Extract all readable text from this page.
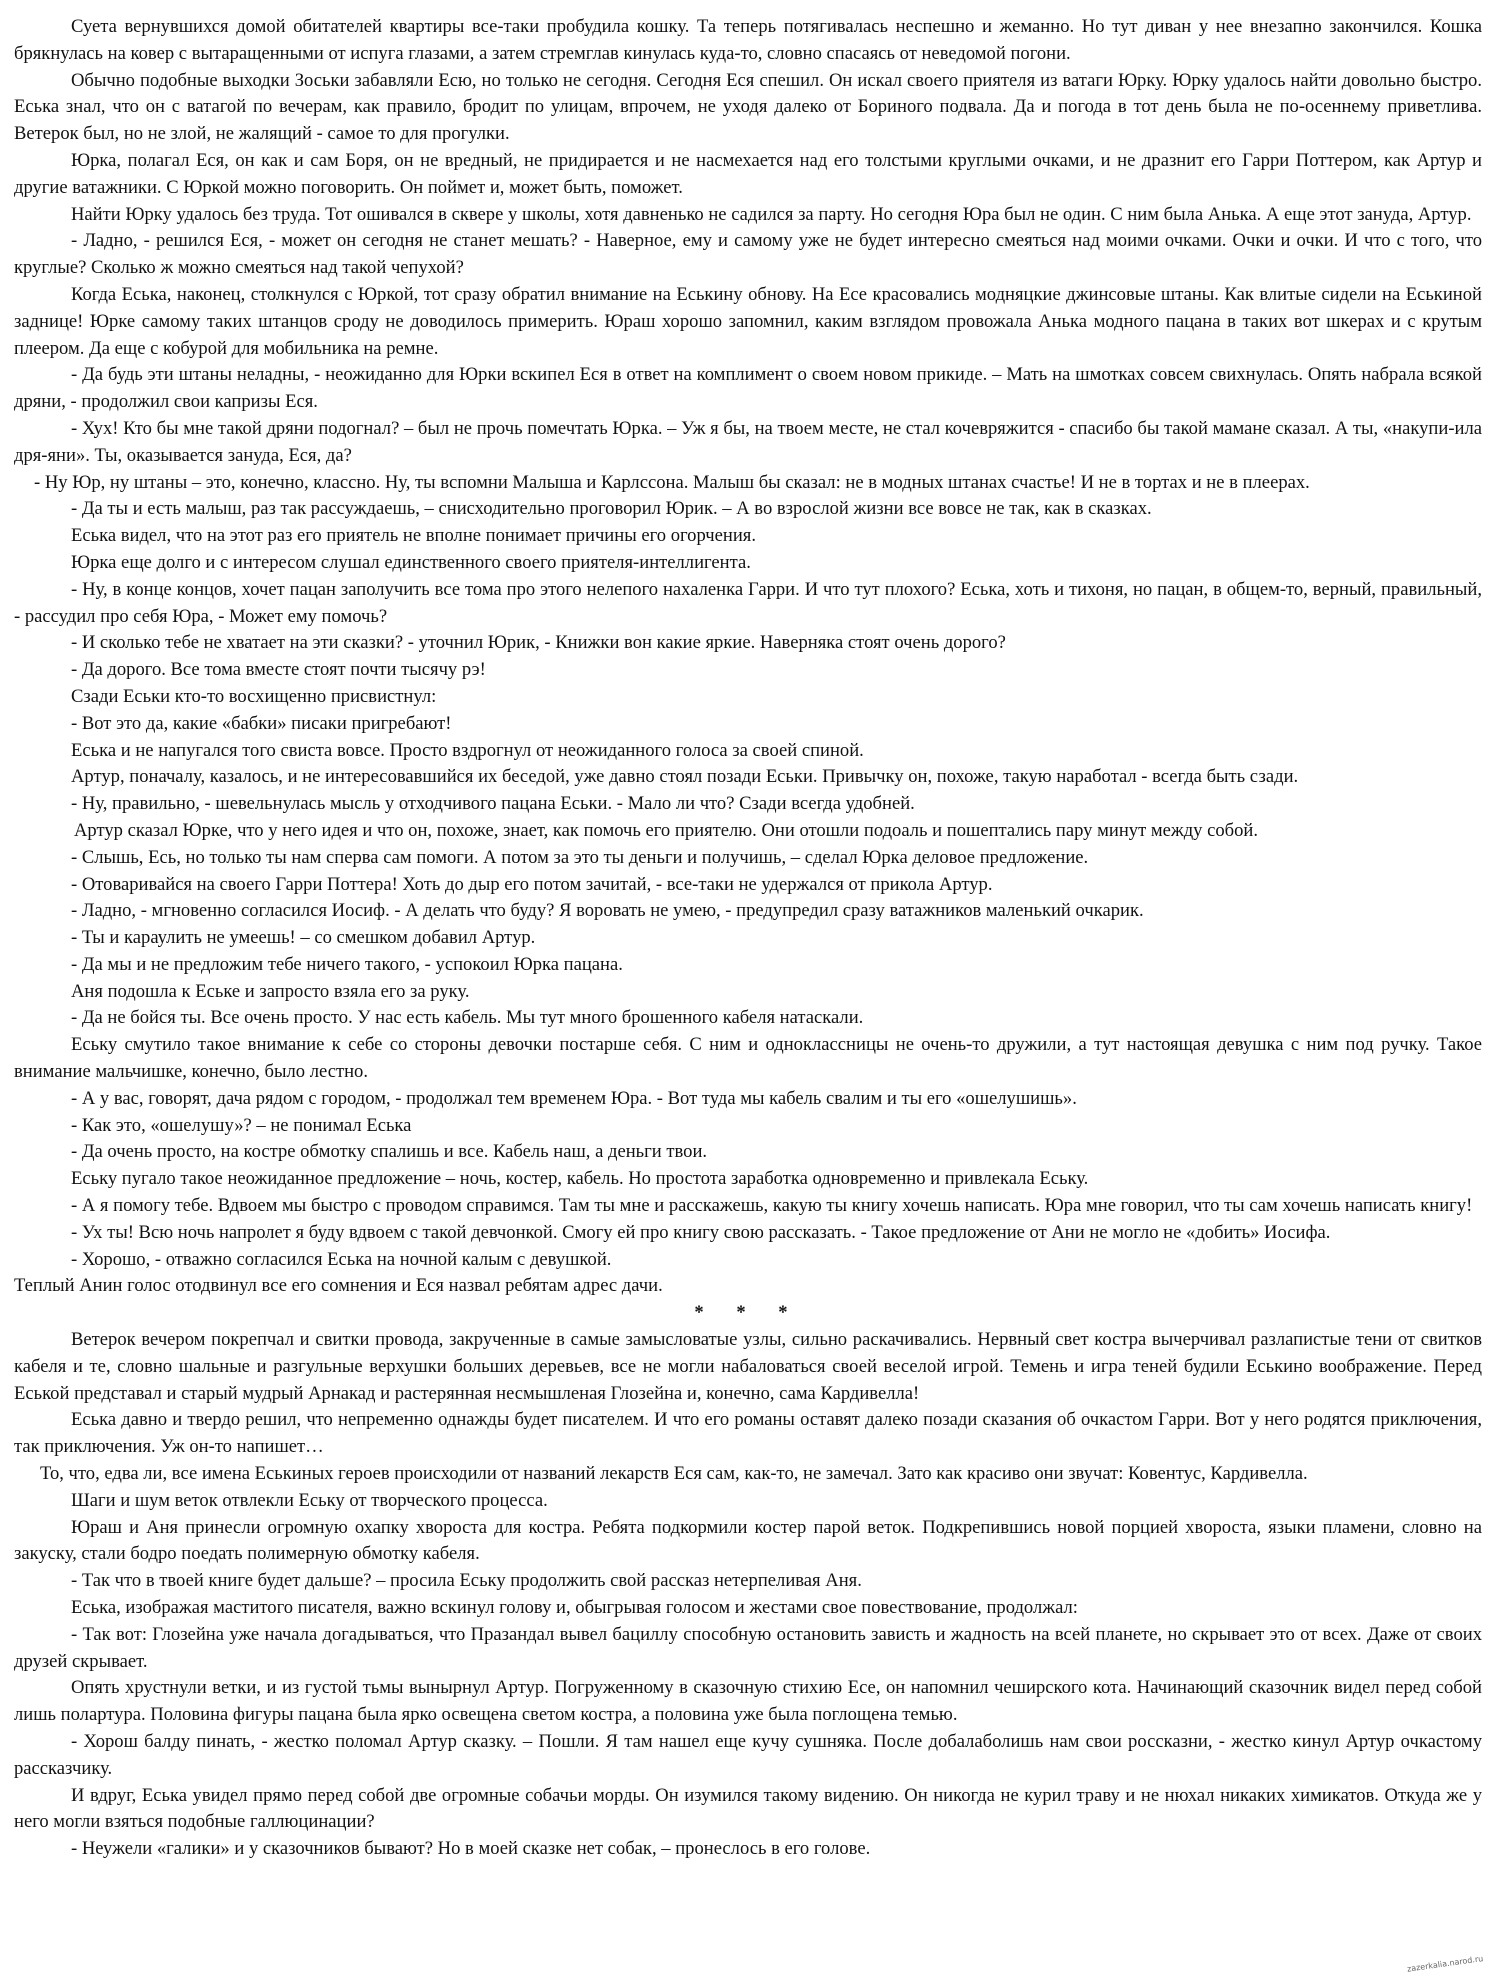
Суета вернувшихся домой обитателей квартиры все-таки пробудила кошку. Та теперь потягивалась неспешно и жеманно. Но тут диван у нее внезапно закончился. Кошка брякнулась на ковер с вытаращенными от испуга глазами, а затем стремглав кинулась куда-то, словно спасаясь от неведомой погони.

Обычно подобные выходки Зоськи забавляли Есю, но только не сегодня. Сегодня Еся спешил. Он искал своего приятеля из ватаги Юрку. Юрку удалось найти довольно быстро. Еська знал, что он с ватагой по вечерам, как правило, бродит по улицам, впрочем, не уходя далеко от Бориного подвала. Да и погода в тот день была не по-осеннему приветлива. Ветерок был, но не злой, не жалящий - самое то для прогулки.

Юрка, полагал Еся, он как и сам Боря, он не вредный, не придирается и не насмехается над его толстыми круглыми очками, и не дразнит его Гарри Поттером, как Артур и другие ватажники. С Юркой можно поговорить. Он поймет и, может быть, поможет.

Найти Юрку удалось без труда. Тот ошивался в сквере у школы, хотя давненько не садился за парту. Но сегодня Юра был не один. С ним была Анька. А еще этот зануда, Артур.

- Ладно, - решился Еся, - может он сегодня не станет мешать? - Наверное, ему и самому уже не будет интересно смеяться над моими очками. Очки и очки. И что с того, что круглые? Сколько ж можно смеяться над такой чепухой?

Когда Еська, наконец, столкнулся с Юркой, тот сразу обратил внимание на Еськину обнову. На Есе красовались модняцкие джинсовые штаны. Как влитые сидели на Еськиной заднице! Юрке самому таких штанцов сроду не доводилось примерить. Юраш хорошо запомнил, каким взглядом провожала Анька модного пацана в таких вот шкерах и с крутым плеером. Да еще с кобурой для мобильника на ремне.

- Да будь эти штаны неладны, - неожиданно для Юрки вскипел Еся в ответ на комплимент о своем новом прикиде. – Мать на шмотках совсем свихнулась. Опять набрала всякой дряни, - продолжил свои капризы Еся.

- Хух! Кто бы мне такой дряни подогнал? – был не прочь помечтать Юрка. – Уж я бы, на твоем месте, не стал кочевряжится - спасибо бы такой мамане сказал. А ты, «накупи-ила дря-яни». Ты, оказывается зануда, Еся, да?

- Ну Юр, ну штаны – это, конечно, классно. Ну, ты вспомни Малыша и Карлссона. Малыш бы сказал: не в модных штанах счастье! И не в тортах и не в плеерах.

- Да ты и есть малыш, раз так рассуждаешь, – снисходительно проговорил Юрик. – А во взрослой жизни все вовсе не так, как в сказках.

Еська видел, что на этот раз его приятель не вполне понимает причины его огорчения.

Юрка еще долго и с интересом слушал единственного своего приятеля-интеллигента.

- Ну, в конце концов, хочет пацан заполучить все тома про этого нелепого нахаленка Гарри. И что тут плохого? Еська, хоть и тихоня, но пацан, в общем-то, верный, правильный, - рассудил про себя Юра, - Может ему помочь?

- И сколько тебе не хватает на эти сказки? - уточнил Юрик, - Книжки вон какие яркие. Наверняка стоят очень дорого?

- Да дорого. Все тома вместе стоят почти тысячу рэ!

Сзади Еськи кто-то восхищенно присвистнул:

- Вот это да, какие «бабки» писаки пригребают!

Еська и не напугался того свиста вовсе. Просто вздрогнул от неожиданного голоса за своей спиной.

Артур, поначалу, казалось, и не интересовавшийся их беседой, уже давно стоял позади Еськи. Привычку он, похоже, такую наработал - всегда быть сзади.

- Ну, правильно, - шевельнулась мысль у отходчивого пацана Еськи. - Мало ли что? Сзади всегда удобней.

Артур сказал Юрке, что у него идея и что он, похоже, знает, как помочь его приятелю. Они отошли подоаль и пошептались пару минут между собой.

- Слышь, Есь, но только ты нам сперва сам помоги. А потом за это ты деньги и получишь, – сделал Юрка деловое предложение.

- Отоваривайся на своего Гарри Поттера! Хоть до дыр его потом зачитай, - все-таки не удержался от прикола Артур.

- Ладно, - мгновенно согласился Иосиф. - А делать что буду? Я воровать не умею, - предупредил сразу ватажников маленький очкарик.

- Ты и караулить не умеешь! – со смешком добавил Артур.

- Да мы и не предложим тебе ничего такого, - успокоил Юрка пацана.

Аня подошла к Еське и запросто взяла его за руку.

- Да не бойся ты. Все очень просто. У нас есть кабель. Мы тут много брошенного кабеля натаскали.

Еську смутило такое внимание к себе со стороны девочки постарше себя. С ним и одноклассницы не очень-то дружили, а тут настоящая девушка с ним под ручку. Такое внимание мальчишке, конечно, было лестно.

- А у вас, говорят, дача рядом с городом, - продолжал тем временем Юра. - Вот туда мы кабель свалим и ты его «ошелушишь».

- Как это, «ошелушу»? – не понимал Еська

- Да очень просто, на костре обмотку спалишь и все. Кабель наш, а деньги твои.

Еську пугало такое неожиданное предложение – ночь, костер, кабель. Но простота заработка одновременно и привлекала Еську.

- А я помогу тебе. Вдвоем мы быстро с проводом справимся. Там ты мне и расскажешь, какую ты книгу хочешь написать. Юра мне говорил, что ты сам хочешь написать книгу!

- Ух ты! Всю ночь напролет я буду вдвоем с такой девчонкой. Смогу ей про книгу свою рассказать. - Такое предложение от Ани не могло не «добить» Иосифа.

- Хорошо, - отважно согласился Еська на ночной калым с девушкой.

Теплый Анин голос отодвинул все его сомнения и Еся назвал ребятам адрес дачи.

* * *

Ветерок вечером покрепчал и свитки провода, закрученные в самые замысловатые узлы, сильно раскачивались. Нервный свет костра вычерчивал разлапистые тени от свитков кабеля и те, словно шальные и разгульные верхушки больших деревьев, все не могли набаловаться своей веселой игрой. Темень и игра теней будили Еськино воображение. Перед Еськой представал и старый мудрый Арнакад и растерянная несмышленая Глозейна и, конечно, сама Кардивелла!

Еська давно и твердо решил, что непременно однажды будет писателем. И что его романы оставят далеко позади сказания об очкастом Гарри. Вот у него родятся приключения, так приключения. Уж он-то напишет…

То, что, едва ли, все имена Еськиных героев происходили от названий лекарств Еся сам, как-то, не замечал. Зато как красиво они звучат: Ковентус, Кардивелла.

Шаги и шум веток отвлекли Еську от творческого процесса.

Юраш и Аня принесли огромную охапку хвороста для костра. Ребята подкормили костер парой веток. Подкрепившись новой порцией хвороста, языки пламени, словно на закуску, стали бодро поедать полимерную обмотку кабеля.

- Так что в твоей книге будет дальше? – просила Еську продолжить свой рассказ нетерпеливая Аня.

Еська, изображая маститого писателя, важно вскинул голову и, обыгрывая голосом и жестами свое повествование, продолжал:

- Так вот: Глозейна уже начала догадываться, что Празандал вывел бациллу способную остановить зависть и жадность на всей планете, но скрывает это от всех. Даже от своих друзей скрывает.

Опять хрустнули ветки, и из густой тьмы вынырнул Артур. Погруженному в сказочную стихию Есе, он напомнил чеширского кота. Начинающий сказочник видел перед собой лишь полартура. Половина фигуры пацана была ярко освещена светом костра, а половина уже была поглощена темью.

- Хорош балду пинать, - жестко поломал Артур сказку. – Пошли. Я там нашел еще кучу сушняка. После добалаболишь нам свои россказни, - жестко кинул Артур очкастому рассказчику.

И вдруг, Еська увидел прямо перед собой две огромные собачьи морды. Он изумился такому видению. Он никогда не курил траву и не нюхал никаких химикатов. Откуда же у него могли взяться подобные галлюцинации?

- Неужели «галики» и у сказочников бывают? Но в моей сказке нет собак, – пронеслось в его голове.

zazerkalia.narod.ru
